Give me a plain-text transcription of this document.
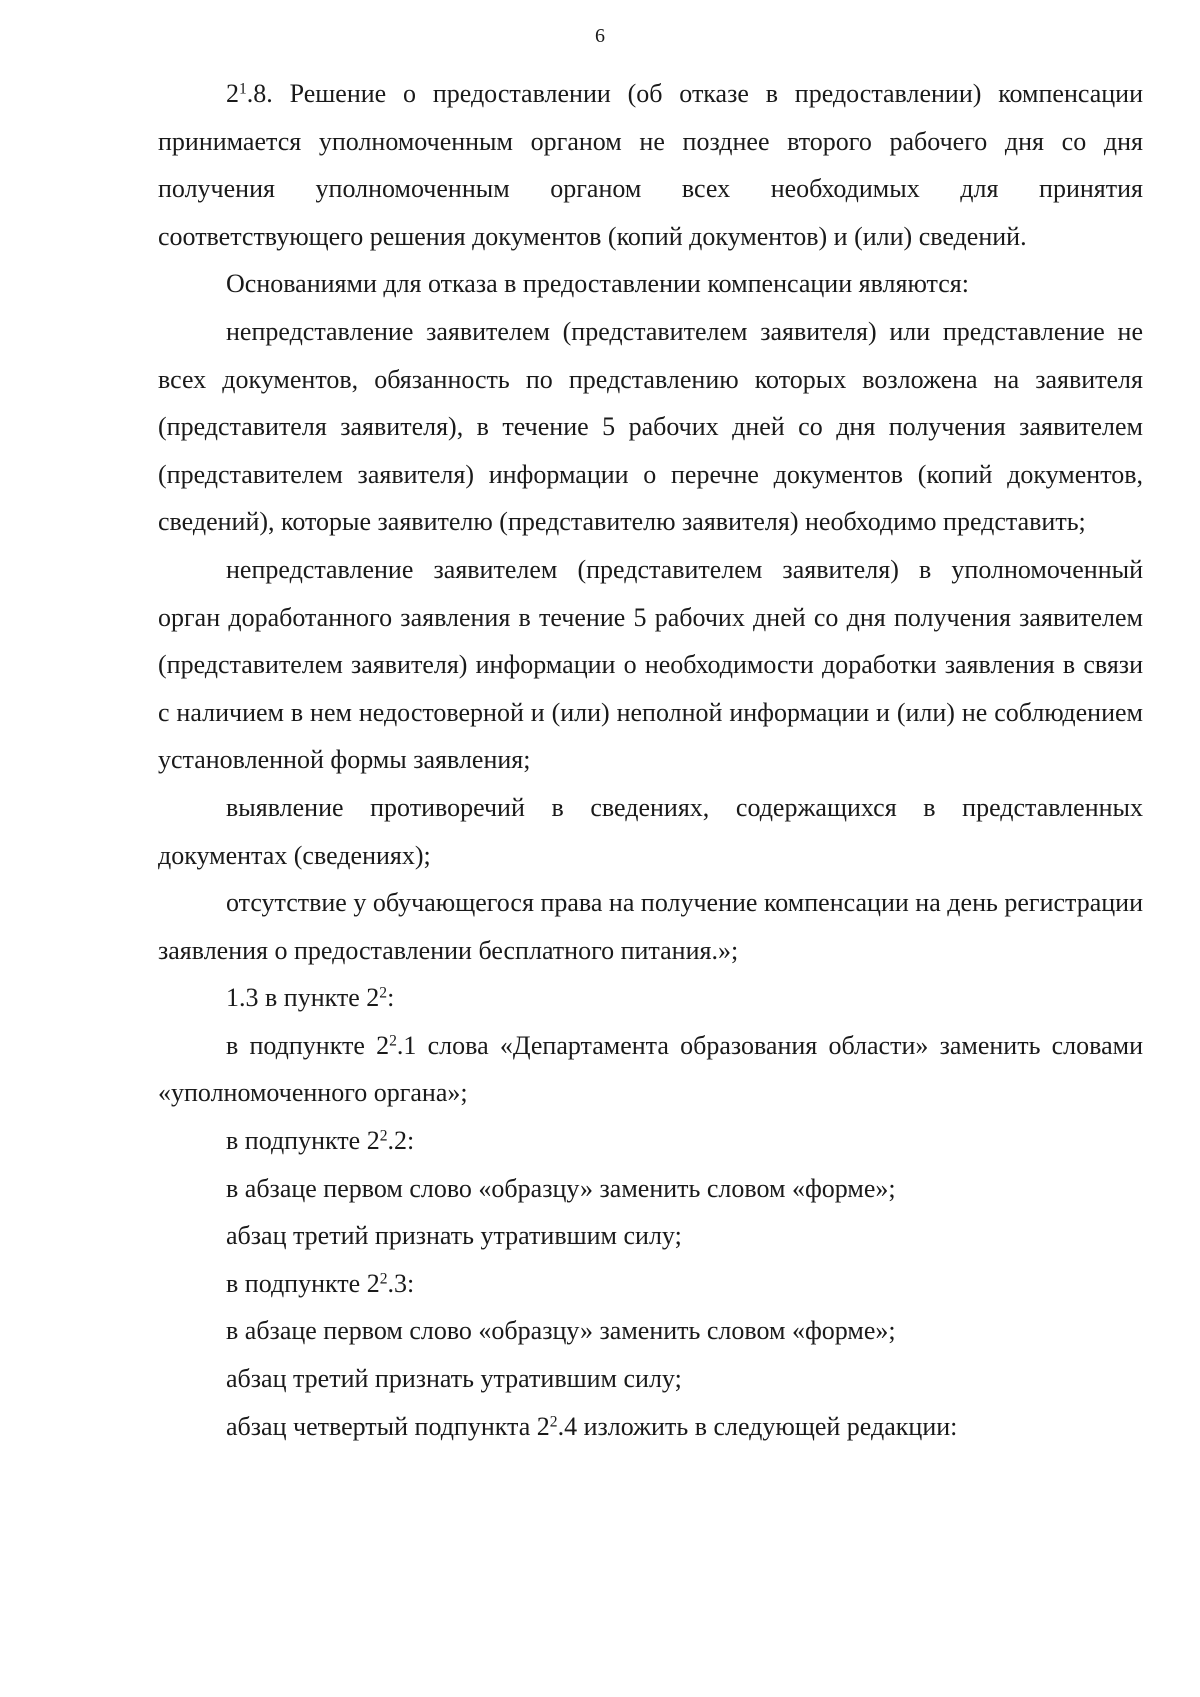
6

$2^1.8$. Решение о предоставлении (об отказе в предоставлении) компенсации принимается уполномоченным органом не позднее второго рабочего дня со дня получения уполномоченным органом всех необходимых для принятия соответствующего решения документов (копий документов) и (или) сведений.

Основаниями для отказа в предоставлении компенсации являются:

непредставление заявителем (представителем заявителя) или представление не всех документов, обязанность по представлению которых возложена на заявителя (представителя заявителя), в течение 5 рабочих дней со дня получения заявителем (представителем заявителя) информации о перечне документов (копий документов, сведений), которые заявителю (представителю заявителя) необходимо представить;

непредставление заявителем (представителем заявителя) в уполномоченный орган доработанного заявления в течение 5 рабочих дней со дня получения заявителем (представителем заявителя) информации о необходимости доработки заявления в связи с наличием в нем недостоверной и (или) неполной информации и (или) не соблюдением установленной формы заявления;

выявление противоречий в сведениях, содержащихся в представленных документах (сведениях);

отсутствие у обучающегося права на получение компенсации на день регистрации заявления о предоставлении бесплатного питания.»;

1.3 в пункте $2^2$:

в подпункте $2^2.1$ слова «Департамента образования области» заменить словами «уполномоченного органа»;

в подпункте $2^2.2$:

в абзаце первом слово «образцу» заменить словом «форме»;

абзац третий признать утратившим силу;

в подпункте $2^2.3$:

в абзаце первом слово «образцу» заменить словом «форме»;

абзац третий признать утратившим силу;

абзац четвертый подпункта $2^2.4$ изложить в следующей редакции:
